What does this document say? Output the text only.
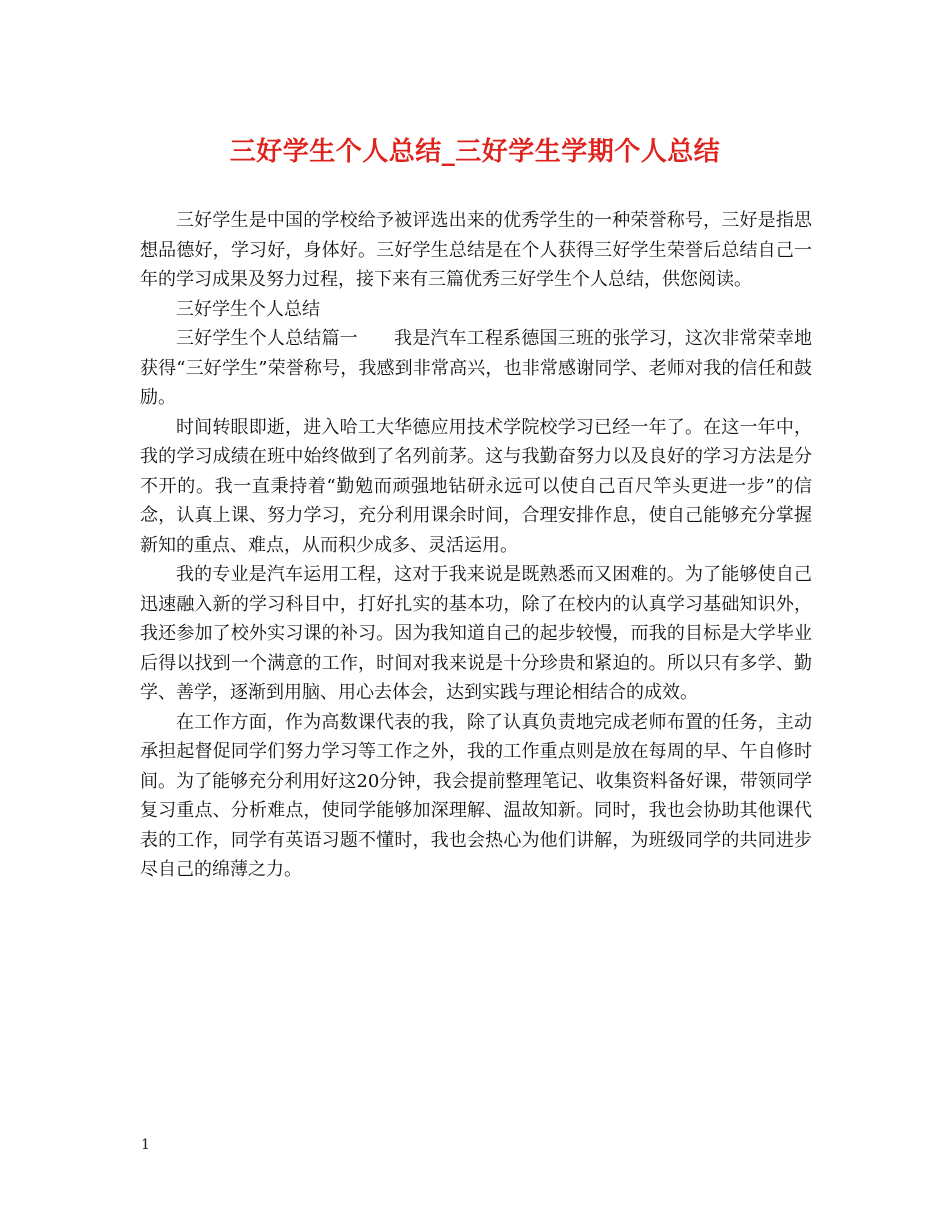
三好学生个人总结_三好学生学期个人总结

三好学生是中国的学校给予被评选出来的优秀学生的一种荣誉称号，三好是指思想品德好，学习好，身体好。三好学生总结是在个人获得三好学生荣誉后总结自己一年的学习成果及努力过程，接下来有三篇优秀三好学生个人总结，供您阅读。

三好学生个人总结

三好学生个人总结篇一 我是汽车工程系德国三班的张学习，这次非常荣幸地获得“三好学生”荣誉称号，我感到非常高兴，也非常感谢同学、老师对我的信任和鼓励。

时间转眼即逝，进入哈工大华德应用技术学院校学习已经一年了。在这一年中，我的学习成绩在班中始终做到了名列前茅。这与我勤奋努力以及良好的学习方法是分不开的。我一直秉持着“勤勉而顽强地钻研永远可以使自己百尺竿头更进一步”的信念，认真上课、努力学习，充分利用课余时间，合理安排作息，使自己能够充分掌握新知的重点、难点，从而积少成多、灵活运用。

我的专业是汽车运用工程，这对于我来说是既熟悉而又困难的。为了能够使自己迅速融入新的学习科目中，打好扎实的基本功，除了在校内的认真学习基础知识外，我还参加了校外实习课的补习。因为我知道自己的起步较慢，而我的目标是大学毕业后得以找到一个满意的工作，时间对我来说是十分珍贵和紧迫的。所以只有多学、勤学、善学，逐渐到用脑、用心去体会，达到实践与理论相结合的成效。

在工作方面，作为高数课代表的我，除了认真负责地完成老师布置的任务，主动承担起督促同学们努力学习等工作之外，我的工作重点则是放在每周的早、午自修时间。为了能够充分利用好这20分钟，我会提前整理笔记、收集资料备好课，带领同学复习重点、分析难点，使同学能够加深理解、温故知新。同时，我也会协助其他课代表的工作，同学有英语习题不懂时，我也会热心为他们讲解，为班级同学的共同进步尽自己的绵薄之力。

1
